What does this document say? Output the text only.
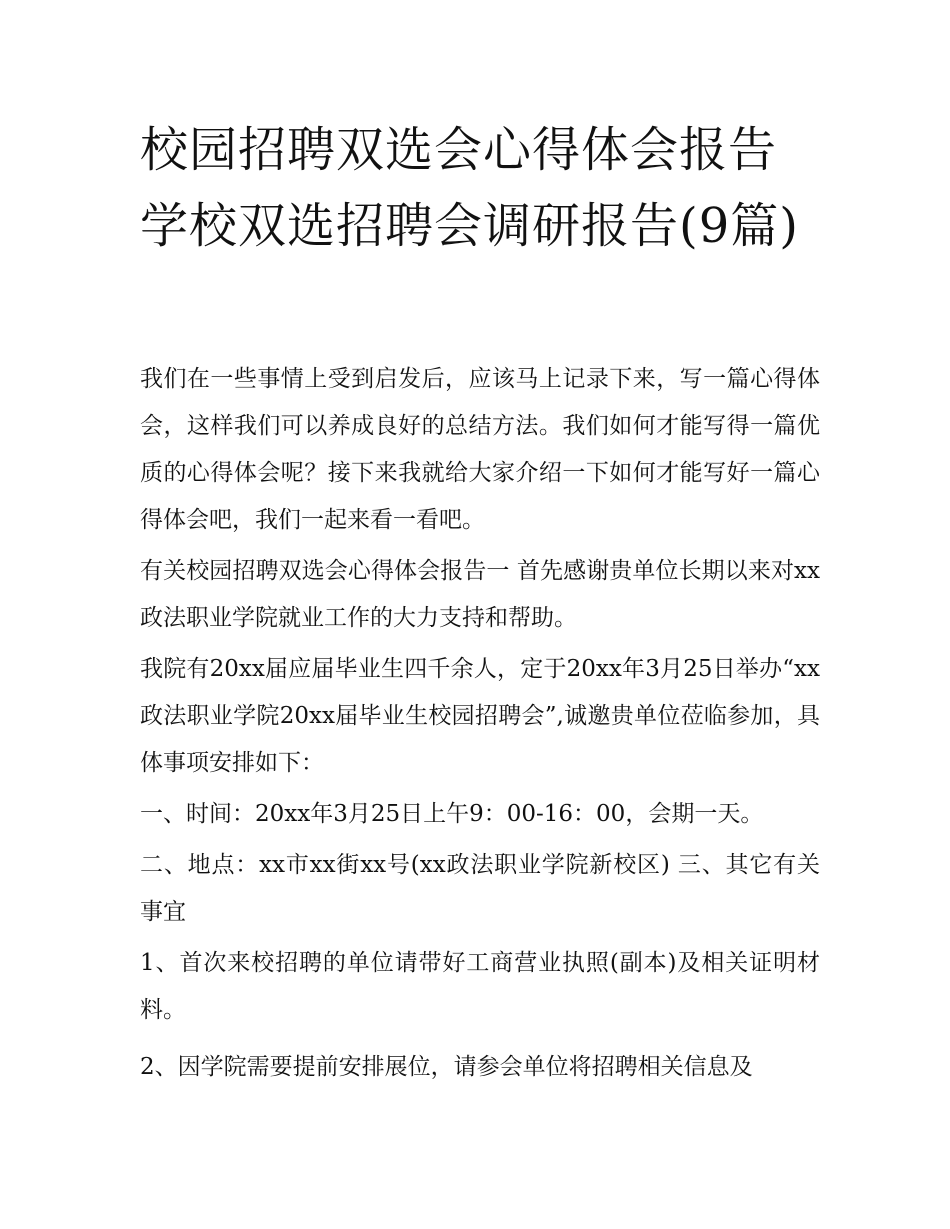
校园招聘双选会心得体会报告学校双选招聘会调研报告(9篇)

我们在一些事情上受到启发后，应该马上记录下来，写一篇心得体会，这样我们可以养成良好的总结方法。我们如何才能写得一篇优质的心得体会呢？接下来我就给大家介绍一下如何才能写好一篇心得体会吧，我们一起来看一看吧。

有关校园招聘双选会心得体会报告一 首先感谢贵单位长期以来对xx政法职业学院就业工作的大力支持和帮助。

我院有20xx届应届毕业生四千余人，定于20xx年3月25日举办“xx政法职业学院20xx届毕业生校园招聘会”,诚邀贵单位莅临参加，具体事项安排如下：

一、时间：20xx年3月25日上午9：00-16：00，会期一天。

二、地点：xx市xx街xx号(xx政法职业学院新校区) 三、其它有关事宜

1、首次来校招聘的单位请带好工商营业执照(副本)及相关证明材料。

2、因学院需要提前安排展位，请参会单位将招聘相关信息及
